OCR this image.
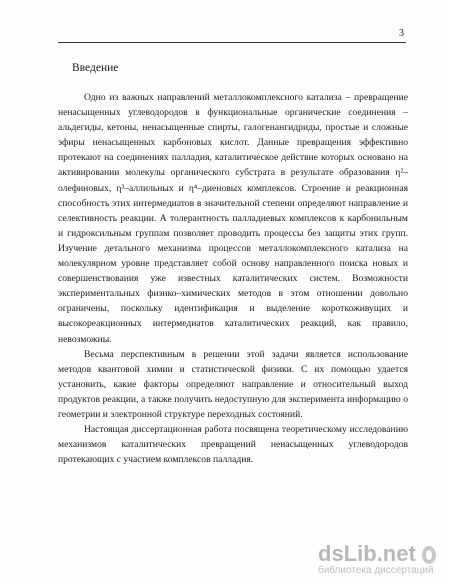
3
Введение

Одно из важных направлений металлокомплексного катализа – превращение ненасыщенных углеводородов в функциональные органические соединения – альдегиды, кетоны, ненасыщенные спирты, галогенангидриды, простые и сложные эфиры ненасыщенных карбоновых кислот. Данные превращения эффективно протекают на соединениях палладия, каталитическое действие которых основано на активировании молекулы органического субстрата в результате образования η²–олефиновых, η³–аллильных и η⁴–диеновых комплексов. Строение и реакционная способность этих интермедиатов в значительной степени определяют направление и селективность реакции. А толерантность палладиевых комплексов к карбонильным и гидроксильным группам позволяет проводить процессы без защиты этих групп. Изучение детального механизма процессов металлокомплексного катализа на молекулярном уровне представляет собой основу направленного поиска новых и совершенствования уже известных каталитических систем. Возможности экспериментальных физико–химических методов в этом отношении довольно ограничены, поскольку идентификация и выделение короткоживущих и высокореакционных интермедиатов каталитических реакций, как правило, невозможны.

Весьма перспективным в решении этой задачи является использование методов квантовой химии и статистической физики. С их помощью удается установить, какие факторы определяют направление и относительный выход продуктов реакции, а также получить недоступную для эксперимента информацию о геометрии и электронной структуре переходных состояний.

Настоящая диссертационная работа посвящена теоретическому исследованию механизмов каталитических превращений ненасыщенных углеводородов протекающих с участием комплексов палладия.

dsLib.net
библиотека диссертаций
